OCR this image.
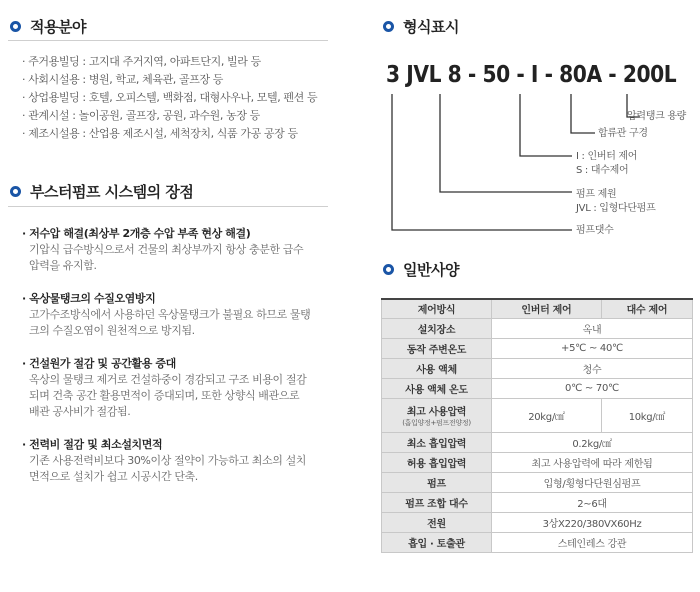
적용분야
· 주거용빌딩 : 고지대 주거지역, 아파트단지, 빌라 등
· 사회시설용 : 병원, 학교, 체육관, 골프장 등
· 상업용빌딩 : 호텔, 오피스텔, 백화점, 대형사우나, 모텔, 펜션 등
· 관계시설 : 놀이공원, 골프장, 공원, 과수원, 농장 등
· 제조시설용 : 산업용 제조시설, 세척장치, 식품 가공 공장 등
부스터펌프 시스템의 장점
· 저수압 해결(최상부 2개층 수압 부족 현상 해결)
기압식 급수방식으로서 건물의 최상부까지 항상 충분한 급수
압력을 유지함.
· 옥상물탱크의 수질오염방지
고가수조방식에서 사용하던 옥상물탱크가 불필요 하므로 물탱
크의 수질오염이 원천적으로 방지됨.
· 건설원가 절감 및 공간활용 증대
옥상의 물탱크 제거로 건설하중이 경감되고 구조 비용이 절감
되며 건축 공간 활용면적이 증대되며, 또한 상향식 배관으로
배관 공사비가 절감됨.
· 전력비 절감 및 최소설치면적
기존 사용전력비보다 30%이상 절약이 가능하고 최소의 설치
면적으로 설치가 쉽고 시공시간 단축.
형식표시
3 JVL 8 - 50 - I - 80A - 200L
압력탱크 용량
합류관 구경
I : 인버터 제어
S : 대수제어
펌프 제원
JVL : 입형다단펌프
펌프댓수
일반사양
제어방식	인버터 제어	대수 제어
설치장소	옥내	
동작 주변온도	+5℃ ~ 40℃	
사용 액체	청수	
사용 액체 온도	0℃ ~ 70℃	

최고 사용압력
(흡입양정+펌프전양정)	20kg/㎠	10kg/㎠
최소 흡입압력	0.2kg/㎠	
허용 흡입압력	최고 사용압력에 따라 제한됨	
펌프	입형/횡형다단원심펌프	
펌프 조합 대수	2~6대	
전원	3상X220/380VX60Hz	
흡입 · 토출관	스테인레스 강관	
